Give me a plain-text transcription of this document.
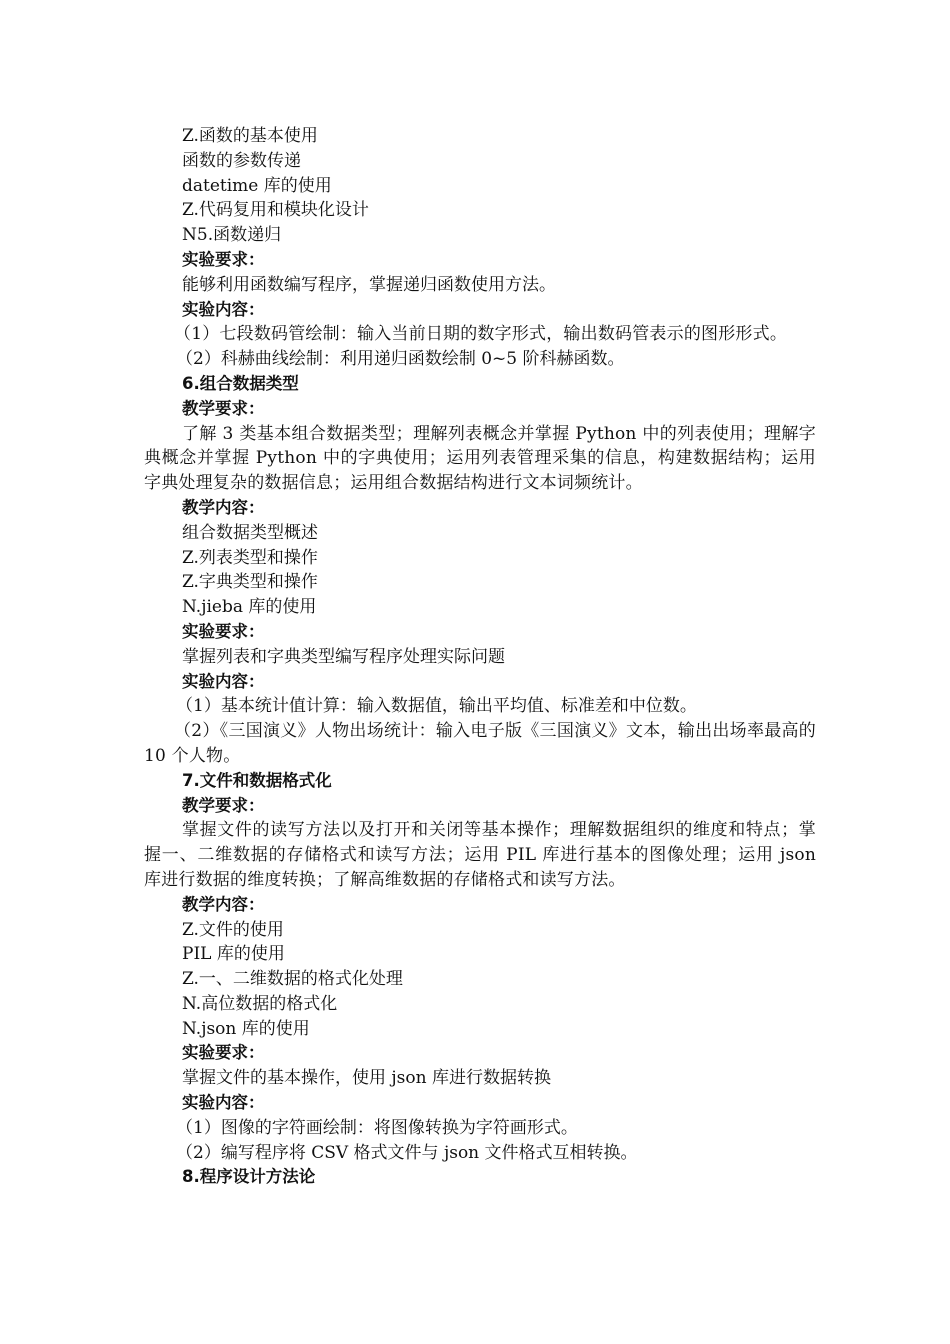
Z.函数的基本使用
函数的参数传递
datetime 库的使用
Z.代码复用和模块化设计
N5.函数递归
实验要求：
能够利用函数编写程序，掌握递归函数使用方法。
实验内容：
（1）七段数码管绘制：输入当前日期的数字形式，输出数码管表示的图形形式。
（2）科赫曲线绘制：利用递归函数绘制 0~5 阶科赫函数。
6.组合数据类型
教学要求：
了解 3 类基本组合数据类型；理解列表概念并掌握 Python 中的列表使用；理解字典概念并掌握 Python 中的字典使用；运用列表管理采集的信息，构建数据结构；运用字典处理复杂的数据信息；运用组合数据结构进行文本词频统计。
教学内容：
组合数据类型概述
Z.列表类型和操作
Z.字典类型和操作
N.jieba 库的使用
实验要求：
掌握列表和字典类型编写程序处理实际问题
实验内容：
（1）基本统计值计算：输入数据值，输出平均值、标准差和中位数。
（2）《三国演义》人物出场统计：输入电子版《三国演义》文本，输出出场率最高的 10 个人物。
7.文件和数据格式化
教学要求：
掌握文件的读写方法以及打开和关闭等基本操作；理解数据组织的维度和特点；掌握一、二维数据的存储格式和读写方法；运用 PIL 库进行基本的图像处理；运用 json 库进行数据的维度转换；了解高维数据的存储格式和读写方法。
教学内容：
Z.文件的使用
PIL 库的使用
Z.一、二维数据的格式化处理
N.高位数据的格式化
N.json 库的使用
实验要求：
掌握文件的基本操作，使用 json 库进行数据转换
实验内容：
（1）图像的字符画绘制：将图像转换为字符画形式。
（2）编写程序将 CSV 格式文件与 json 文件格式互相转换。
8.程序设计方法论
